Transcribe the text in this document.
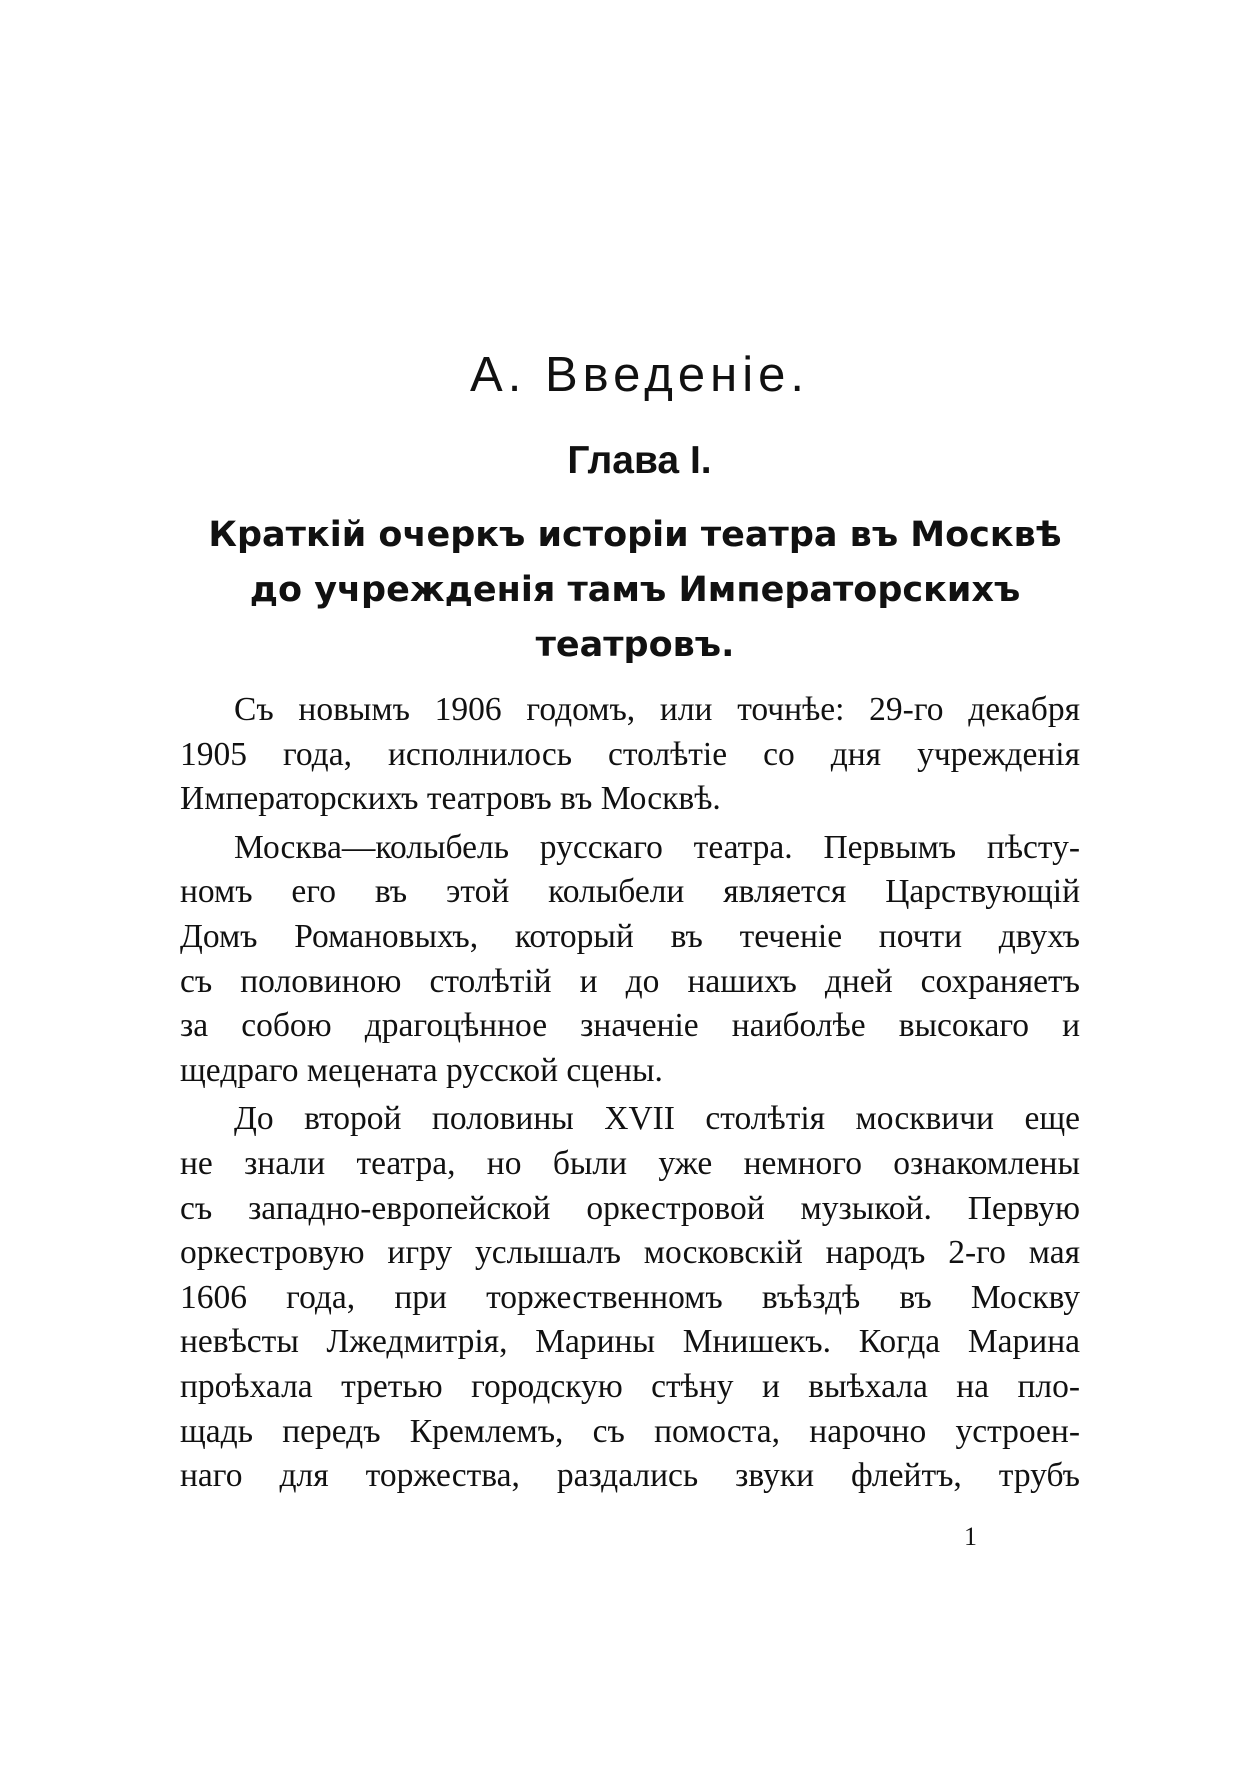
А. Введеніе.
Глава I.
Краткій очеркъ исторіи театра въ Москвѣ
до учрежденія тамъ Императорскихъ
театровъ.
Съ новымъ 1906 годомъ, или точнѣе: 29-го декабря
1905 года, исполнилось столѣтіе со дня учрежденія
Императорскихъ театровъ въ Москвѣ.
Москва—колыбель русскаго театра. Первымъ пѣсту-
номъ его въ этой колыбели является Царствующій
Домъ Романовыхъ, который въ теченіе почти двухъ
съ половиною столѣтій и до нашихъ дней сохраняетъ
за собою драгоцѣнное значеніе наиболѣе высокаго и
щедраго мецената русской сцены.
До второй половины XVII столѣтія москвичи еще
не знали театра, но были уже немного ознакомлены
съ западно-европейской оркестровой музыкой. Первую
оркестровую игру услышалъ московскій народъ 2-го мая
1606 года, при торжественномъ въѣздѣ въ Москву
невѣсты Лжедмитрія, Марины Мнишекъ. Когда Марина
проѣхала третью городскую стѣну и выѣхала на пло-
щадь передъ Кремлемъ, съ помоста, нарочно устроен-
наго для торжества, раздались звуки флейтъ, трубъ
1
